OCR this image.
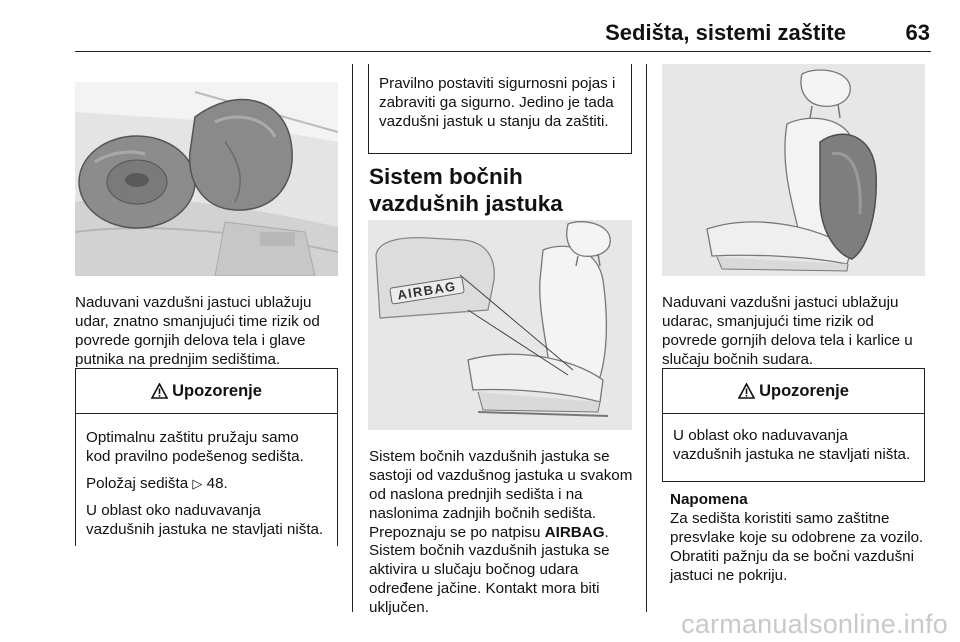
Sedišta, sistemi zaštite	63

Naduvani vazdušni jastuci ublažuju udar, znatno smanjujući time rizik od povrede gornjih delova tela i glave putnika na prednjim sedištima.

Upozorenje

Optimalnu zaštitu pružaju samo kod pravilno podešenog sedišta.

Položaj sedišta ▷ 48.

U oblast oko naduvavanja vazdušnih jastuka ne stavljati ništa.

Pravilno postaviti sigurnosni pojas i zabraviti ga sigurno. Jedino je tada vazdušni jastuk u stanju da zaštiti.
Sistem bočnih vazdušnih jastuka
AIRBAG

Sistem bočnih vazdušnih jastuka se sastoji od vazdušnog jastuka u svakom od naslona prednjih sedišta i na naslonima zadnjih bočnih sedišta. Prepoznaju se po natpisu AIRBAG.

Sistem bočnih vazdušnih jastuka se aktivira u slučaju bočnog udara određene jačine. Kontakt mora biti uključen.

Naduvani vazdušni jastuci ublažuju udarac, smanjujući time rizik od povrede gornjih delova tela i karlice u slučaju bočnih sudara.

Upozorenje

U oblast oko naduvavanja vazdušnih jastuka ne stavljati ništa.

Napomena
Za sedišta koristiti samo zaštitne presvlake koje su odobrene za vozilo. Obratiti pažnju da se bočni vazdušni jastuci ne pokriju.
carmanualsonline.info
